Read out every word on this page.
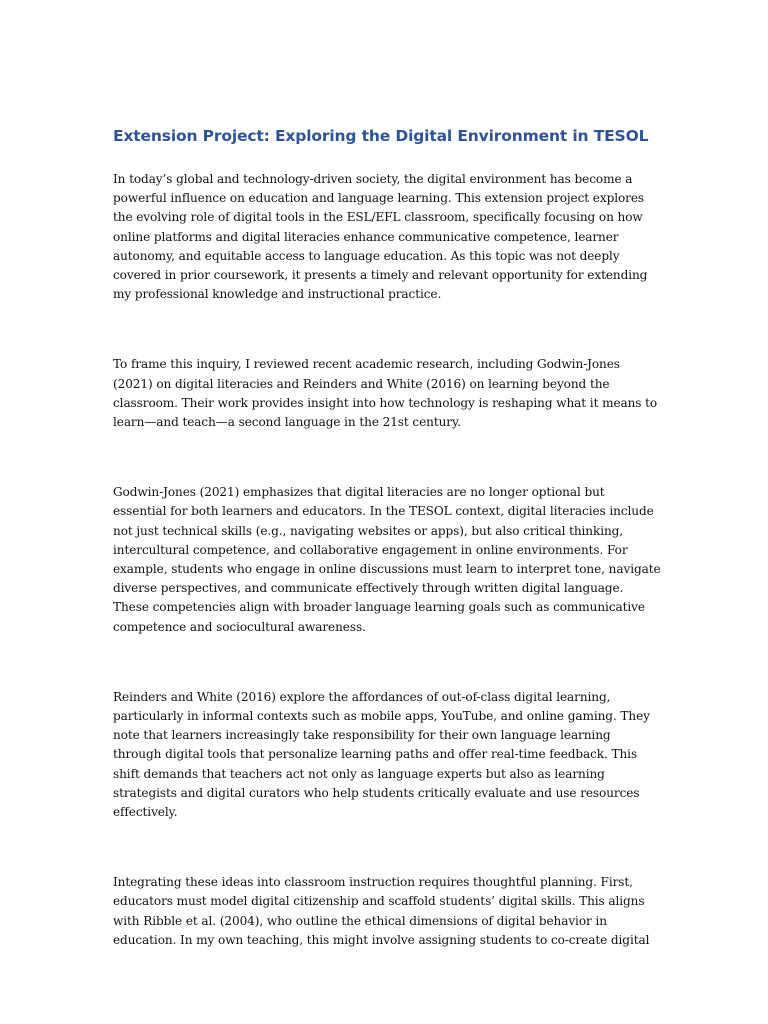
Extension Project: Exploring the Digital Environment in TESOL

In today’s global and technology-driven society, the digital environment has become a powerful influence on education and language learning. This extension project explores the evolving role of digital tools in the ESL/EFL classroom, specifically focusing on how online platforms and digital literacies enhance communicative competence, learner autonomy, and equitable access to language education. As this topic was not deeply covered in prior coursework, it presents a timely and relevant opportunity for extending my professional knowledge and instructional practice.

To frame this inquiry, I reviewed recent academic research, including Godwin-Jones (2021) on digital literacies and Reinders and White (2016) on learning beyond the classroom. Their work provides insight into how technology is reshaping what it means to learn—and teach—a second language in the 21st century.

Godwin-Jones (2021) emphasizes that digital literacies are no longer optional but essential for both learners and educators. In the TESOL context, digital literacies include not just technical skills (e.g., navigating websites or apps), but also critical thinking, intercultural competence, and collaborative engagement in online environments. For example, students who engage in online discussions must learn to interpret tone, navigate diverse perspectives, and communicate effectively through written digital language. These competencies align with broader language learning goals such as communicative competence and sociocultural awareness.

Reinders and White (2016) explore the affordances of out-of-class digital learning, particularly in informal contexts such as mobile apps, YouTube, and online gaming. They note that learners increasingly take responsibility for their own language learning through digital tools that personalize learning paths and offer real-time feedback. This shift demands that teachers act not only as language experts but also as learning strategists and digital curators who help students critically evaluate and use resources effectively.

Integrating these ideas into classroom instruction requires thoughtful planning. First, educators must model digital citizenship and scaffold students’ digital skills. This aligns with Ribble et al. (2004), who outline the ethical dimensions of digital behavior in education. In my own teaching, this might involve assigning students to co-create digital
